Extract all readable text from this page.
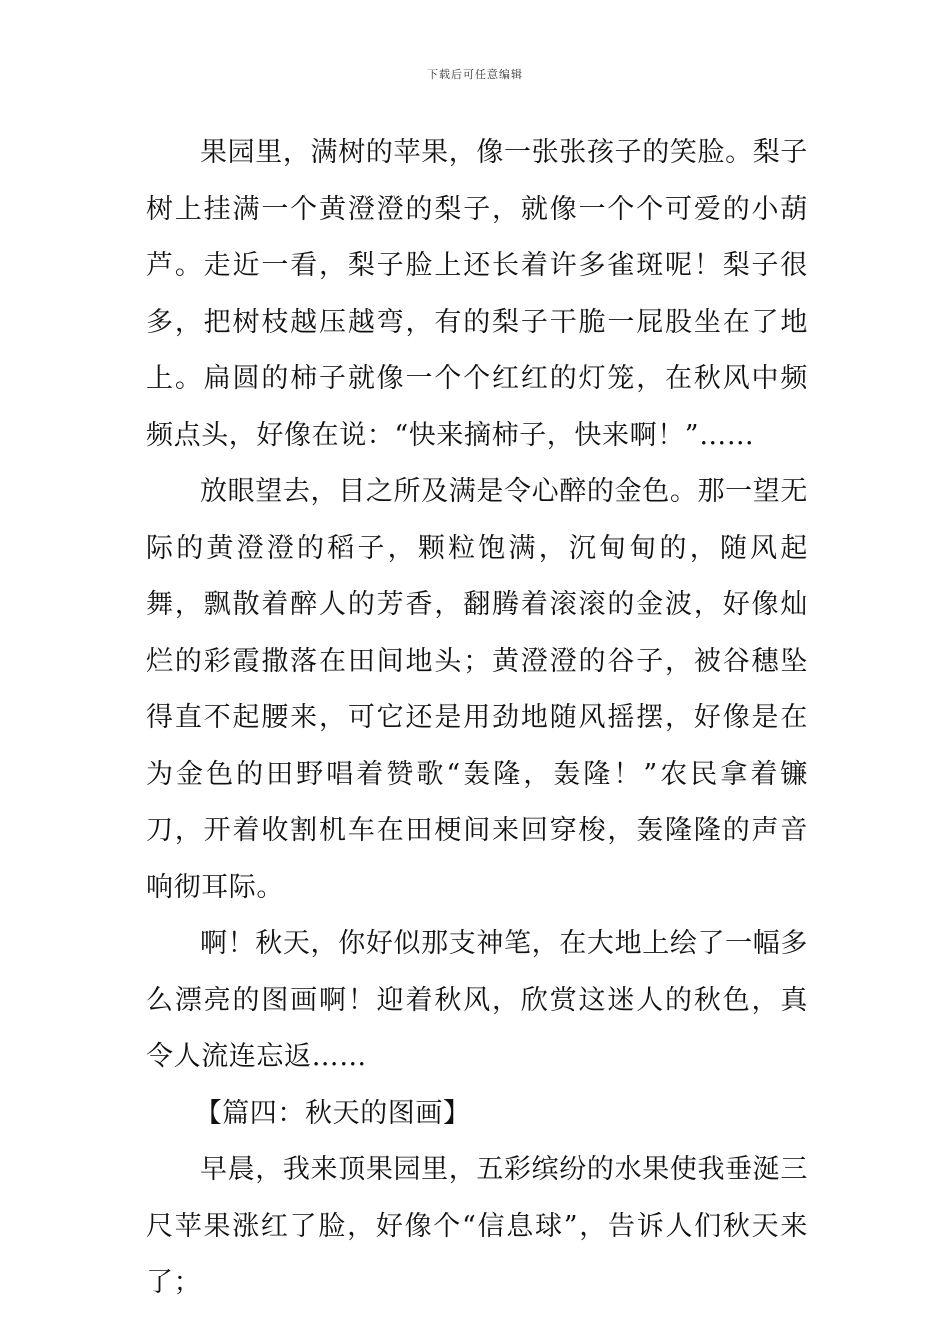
下载后可任意编辑

果园里，满树的苹果，像一张张孩子的笑脸。梨子树上挂满一个黄澄澄的梨子，就像一个个可爱的小葫芦。走近一看，梨子脸上还长着许多雀斑呢！梨子很多，把树枝越压越弯，有的梨子干脆一屁股坐在了地上。扁圆的柿子就像一个个红红的灯笼，在秋风中频频点头，好像在说：“快来摘柿子，快来啊！”……

放眼望去，目之所及满是令心醉的金色。那一望无际的黄澄澄的稻子，颗粒饱满，沉甸甸的，随风起舞，飘散着醉人的芳香，翻腾着滚滚的金波，好像灿烂的彩霞撒落在田间地头；黄澄澄的谷子，被谷穗坠得直不起腰来，可它还是用劲地随风摇摆，好像是在为金色的田野唱着赞歌“轰隆，轰隆！”农民拿着镰刀，开着收割机车在田梗间来回穿梭，轰隆隆的声音响彻耳际。

啊！秋天，你好似那支神笔，在大地上绘了一幅多么漂亮的图画啊！迎着秋风，欣赏这迷人的秋色，真令人流连忘返……

【篇四：秋天的图画】

早晨，我来顶果园里，五彩缤纷的水果使我垂涎三尺苹果涨红了脸，好像个“信息球”，告诉人们秋天来了；
